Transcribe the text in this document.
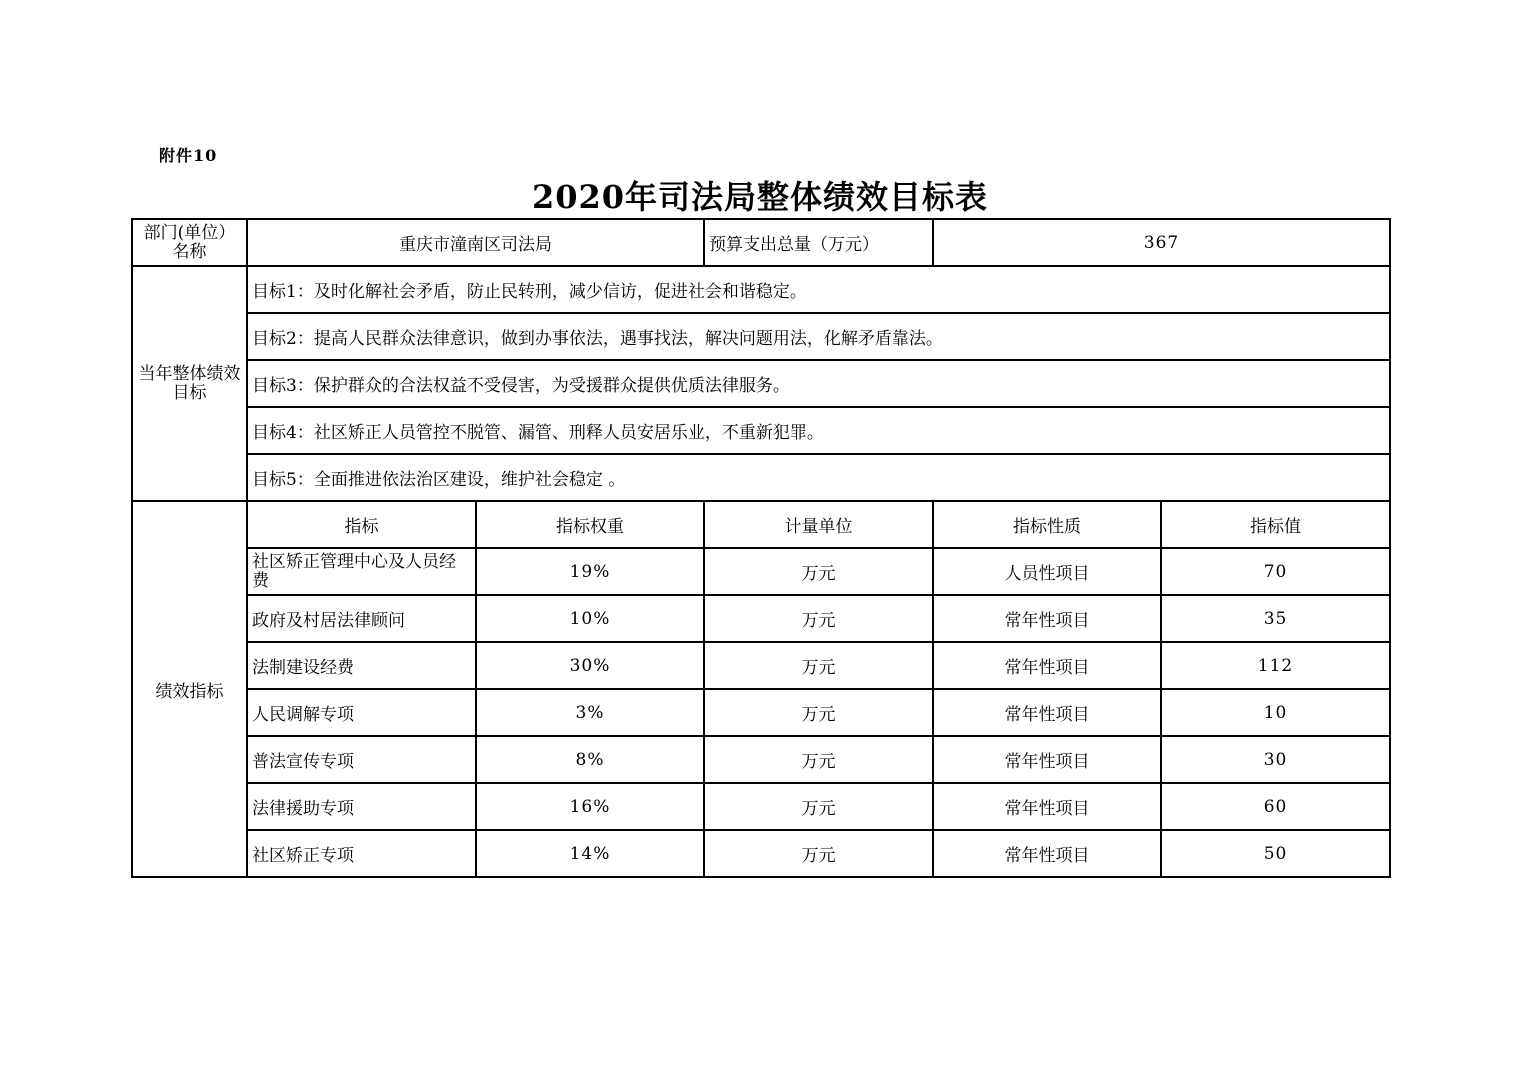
附件10
2020年司法局整体绩效目标表
部门(单位）名称	重庆市潼南区司法局		预算支出总量（万元）	367	
当年整体绩效目标	目标1：及时化解社会矛盾，防止民转刑，减少信访，促进社会和谐稳定。				
	目标2：提高人民群众法律意识，做到办事依法，遇事找法，解决问题用法，化解矛盾靠法。				
	目标3：保护群众的合法权益不受侵害，为受援群众提供优质法律服务。				
	目标4：社区矫正人员管控不脱管、漏管、刑释人员安居乐业，不重新犯罪。				
	目标5：全面推进依法治区建设，维护社会稳定 。				
绩效指标	指标	指标权重	计量单位	指标性质	指标值
	社区矫正管理中心及人员经费	19%	万元	人员性项目	70
	政府及村居法律顾问	10%	万元	常年性项目	35
	法制建设经费	30%	万元	常年性项目	112
	人民调解专项	3%	万元	常年性项目	10
	普法宣传专项	8%	万元	常年性项目	30
	法律援助专项	16%	万元	常年性项目	60
	社区矫正专项	14%	万元	常年性项目	50
